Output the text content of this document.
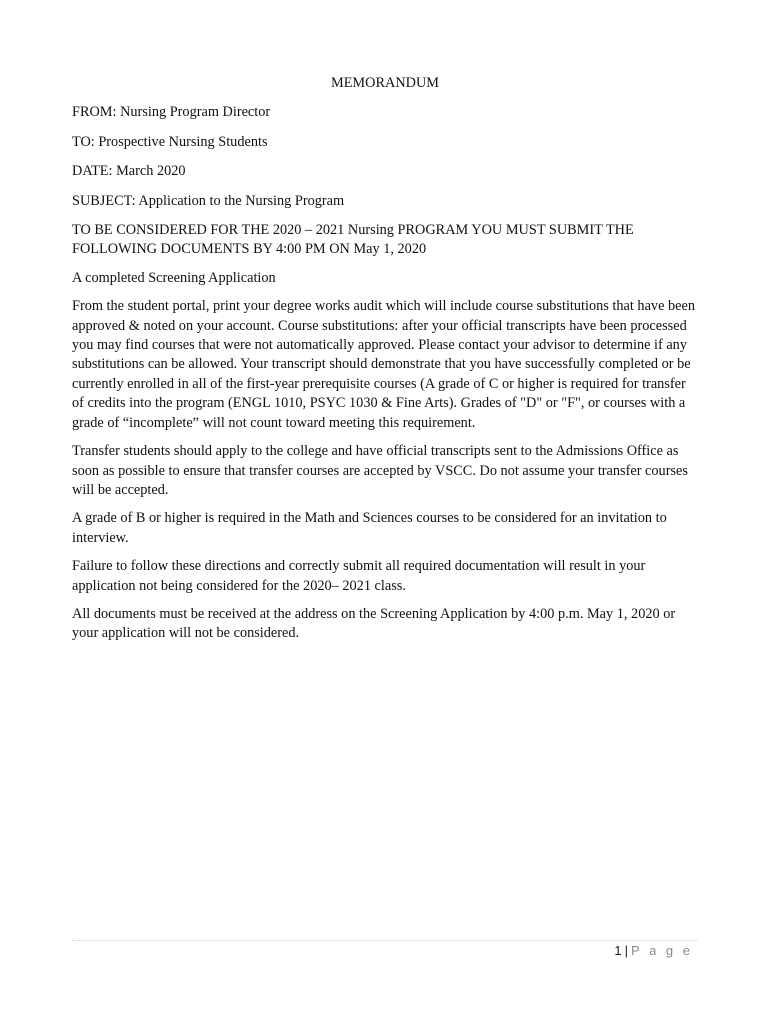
MEMORANDUM
FROM: Nursing Program Director
TO: Prospective Nursing Students
DATE: March 2020
SUBJECT: Application to the Nursing Program
TO BE CONSIDERED FOR THE 2020 – 2021 Nursing PROGRAM YOU MUST SUBMIT THE FOLLOWING DOCUMENTS BY 4:00 PM ON May 1, 2020
A completed Screening Application
From the student portal, print your degree works audit which will include course substitutions that have been approved & noted on your account. Course substitutions: after your official transcripts have been processed you may find courses that were not automatically approved. Please contact your advisor to determine if any substitutions can be allowed. Your transcript should demonstrate that you have successfully completed or be currently enrolled in all of the first-year prerequisite courses (A grade of C or higher is required for transfer of credits into the program (ENGL 1010, PSYC 1030 & Fine Arts). Grades of "D" or "F", or courses with a grade of “incomplete” will not count toward meeting this requirement.
Transfer students should apply to the college and have official transcripts sent to the Admissions Office as soon as possible to ensure that transfer courses are accepted by VSCC. Do not assume your transfer courses will be accepted.
A grade of B or higher is required in the Math and Sciences courses to be considered for an invitation to interview.
Failure to follow these directions and correctly submit all required documentation will result in your application not being considered for the 2020– 2021 class.
All documents must be received at the address on the Screening Application by 4:00 p.m. May 1, 2020 or your application will not be considered.
1 | P a g e
